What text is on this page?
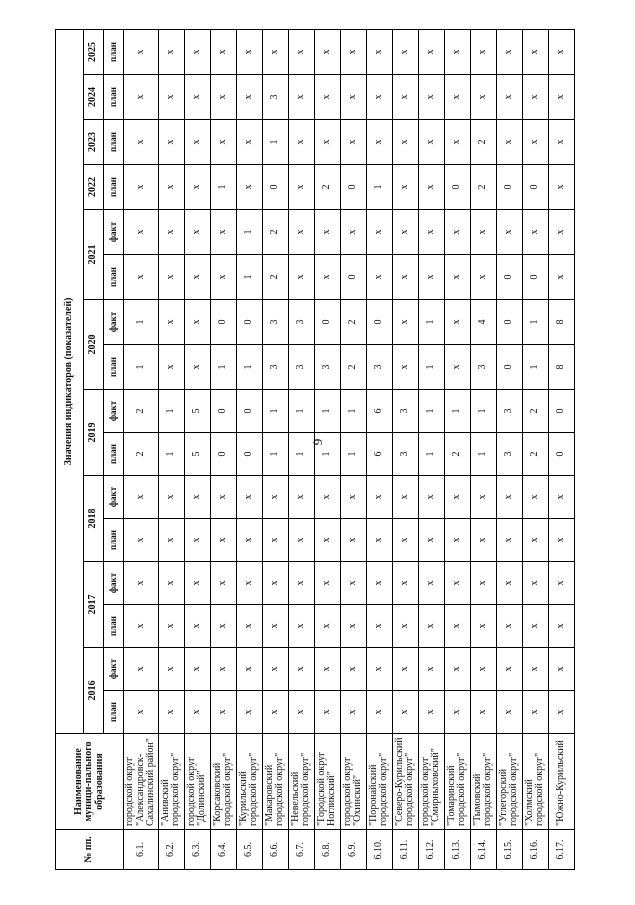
9
№ пп.	Наименование муници-пального образования	Значения индикаторов (показателей)															
		2016		2017		2018		2019		2020		2021		2022	2023	2024	2025
		план	факт	план	факт	план	факт	план	факт	план	факт	план	факт	план	план	план	план
6.1.	городской округ "Александровск-Сахалинский район"	x	x	x	x	x	x	2	2	1	1	x	x	x	x	x	x
6.2.	"Анивский городской округ"	x	x	x	x	x	x	1	1	x	x	x	x	x	x	x	x
6.3.	городской округ "Долинский"	x	x	x	x	x	x	5	5	x	x	x	x	x	x	x	x
6.4.	"Корсаковский городской округ"	x	x	x	x	x	x	0	0	1	0	x	x	1	x	x	x
6.5.	"Курильский городской округ"	x	x	x	x	x	x	0	0	1	0	1	1	x	x	x	x
6.6.	"Макаровский городской округ"	x	x	x	x	x	x	1	1	3	3	2	2	0	1	3	x
6.7.	"Невельский городской округ"	x	x	x	x	x	x	1	1	3	3	x	x	x	x	x	x
6.8.	"Городской округ Ногликский"	x	x	x	x	x	x	1	1	3	0	x	x	2	x	x	x
6.9.	городской округ "Охинский"	x	x	x	x	x	x	1	1	2	2	0	x	0	x	x	x
6.10.	"Поронайский городской округ"	x	x	x	x	x	x	6	6	3	0	x	x	1	x	x	x
6.11.	"Северо-Курильский городской округ"	x	x	x	x	x	x	3	3	x	x	x	x	x	x	x	x
6.12.	городской округ "Смирныховский"	x	x	x	x	x	x	1	1	1	1	x	x	x	x	x	x
6.13.	"Томаринский городской округ"	x	x	x	x	x	x	2	1	x	x	x	x	0	x	x	x
6.14.	"Тымовский городской округ"	x	x	x	x	x	x	1	1	3	4	x	x	2	2	x	x
6.15.	"Углегорский городской округ"	x	x	x	x	x	x	3	3	0	0	0	x	0	x	x	x
6.16.	"Холмский городской округ"	x	x	x	x	x	x	2	2	1	1	0	x	0	x	x	x
6.17.	"Южно-Курильский	x	x	x	x	x	x	0	0	8	8	x	x	x	x	x	x
